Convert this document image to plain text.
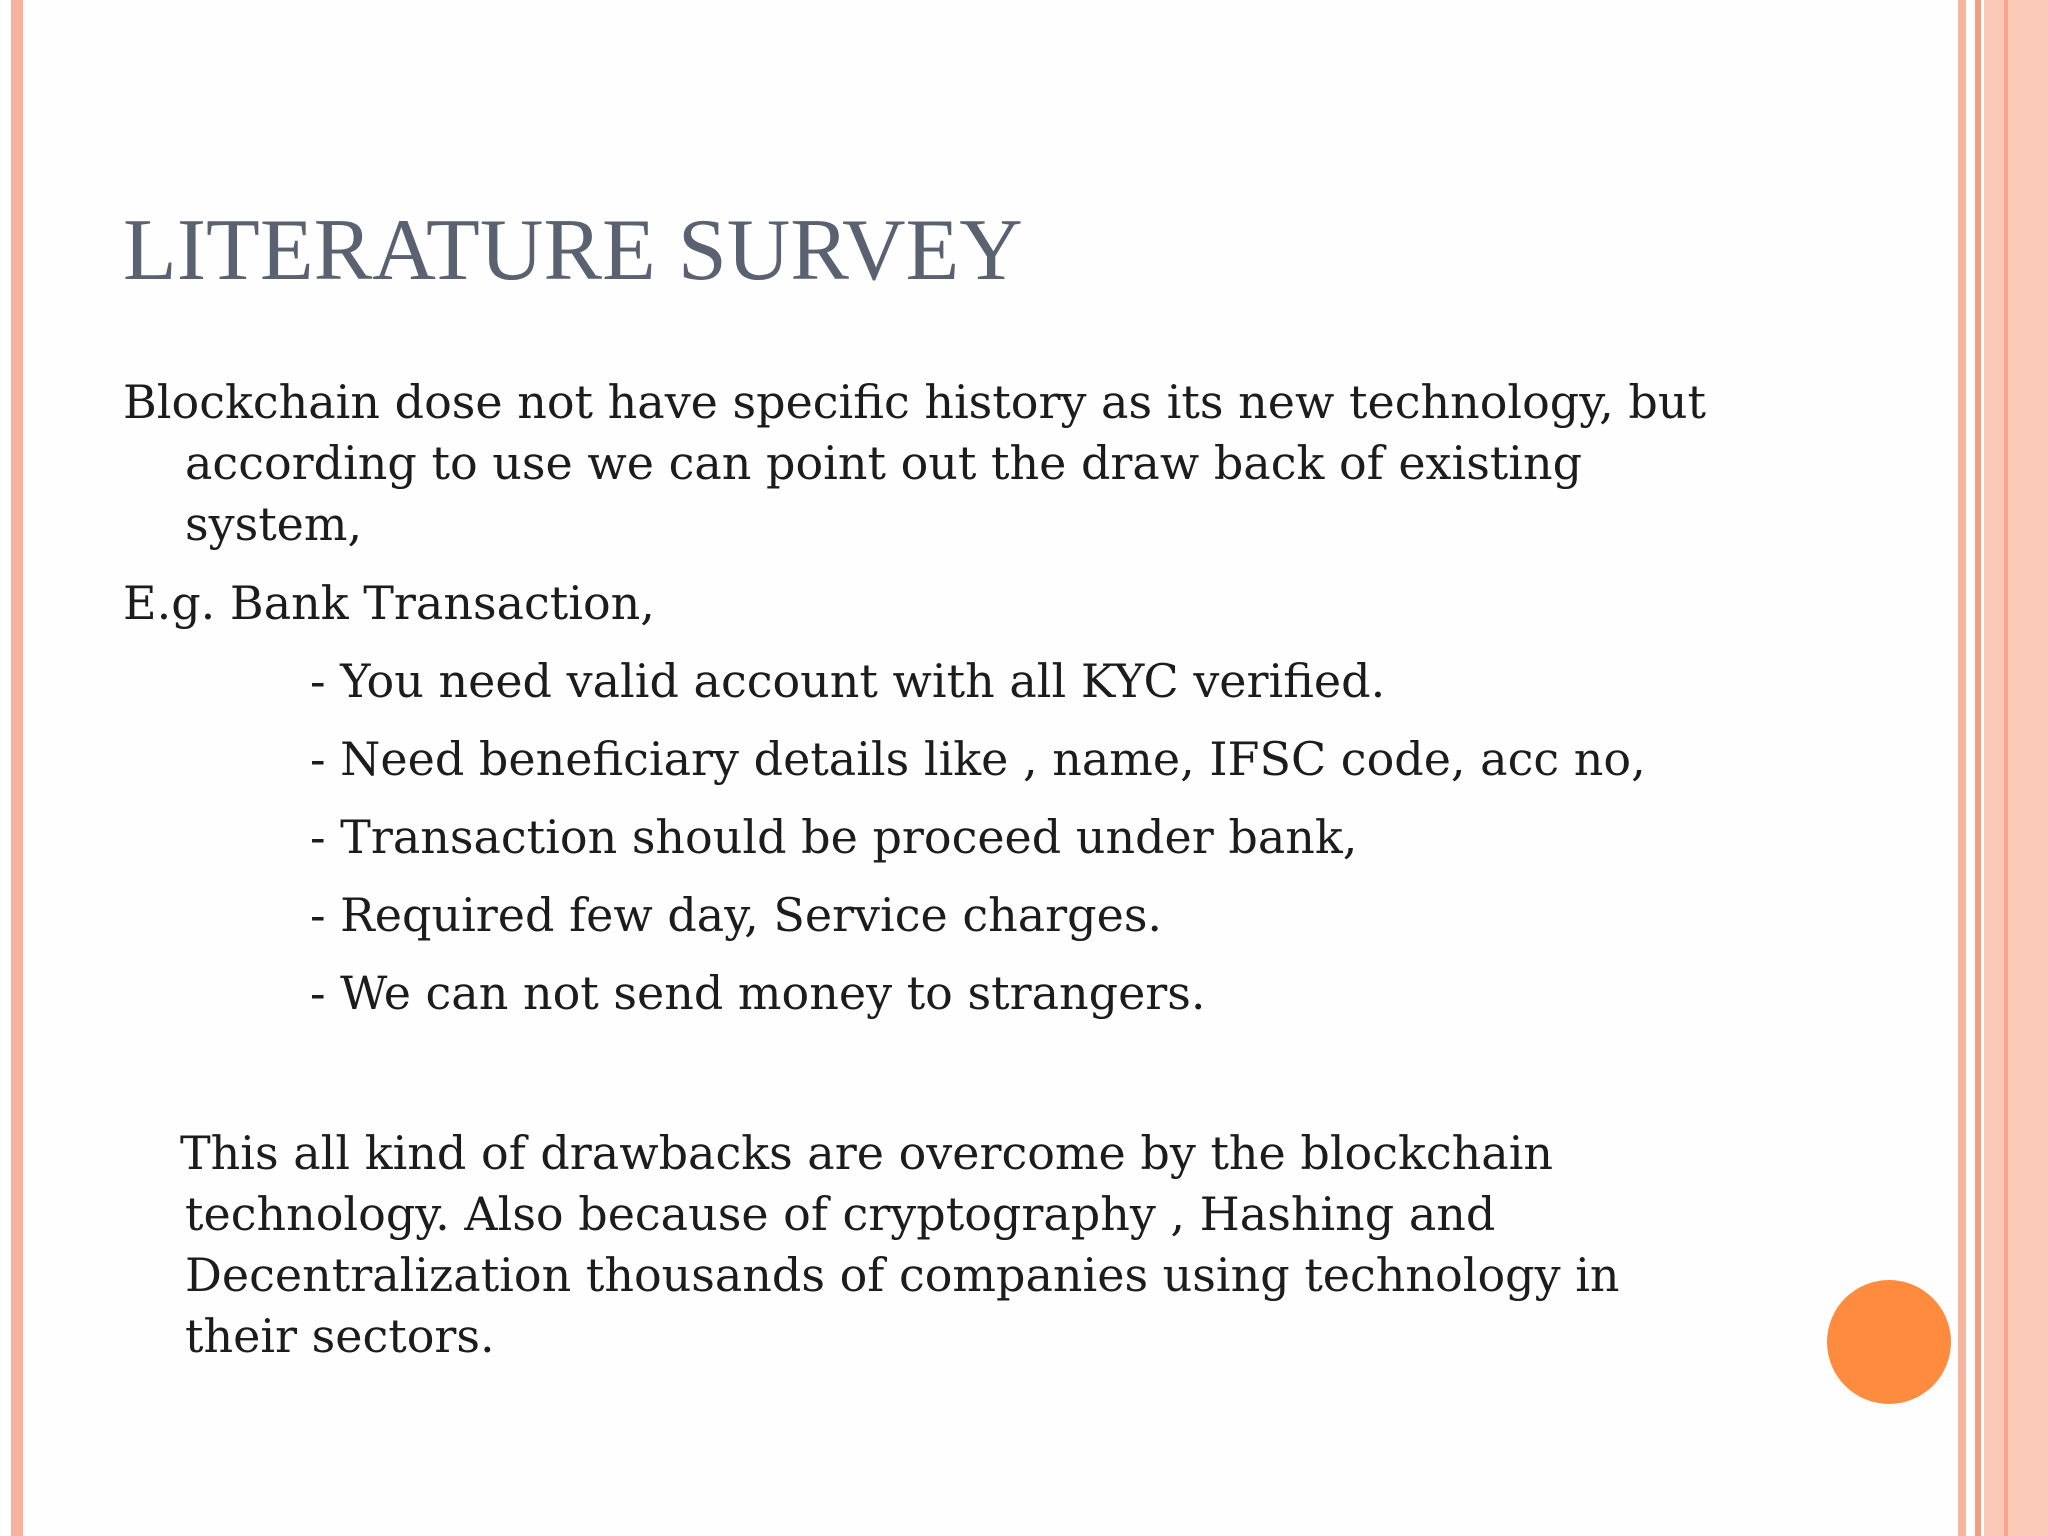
LITERATURE SURVEY

Blockchain dose not have specific history as its new technology, but according to use we can point out the draw back of existing system,

E.g. Bank Transaction,

- You need valid account with all KYC verified.
- Need beneficiary details like , name, IFSC code, acc no,
- Transaction should be proceed under bank,
- Required few day, Service charges.
- We can not send money to strangers.

This all kind of drawbacks are overcome by the blockchain technology. Also because of cryptography , Hashing and Decentralization thousands of companies using technology in their sectors.
